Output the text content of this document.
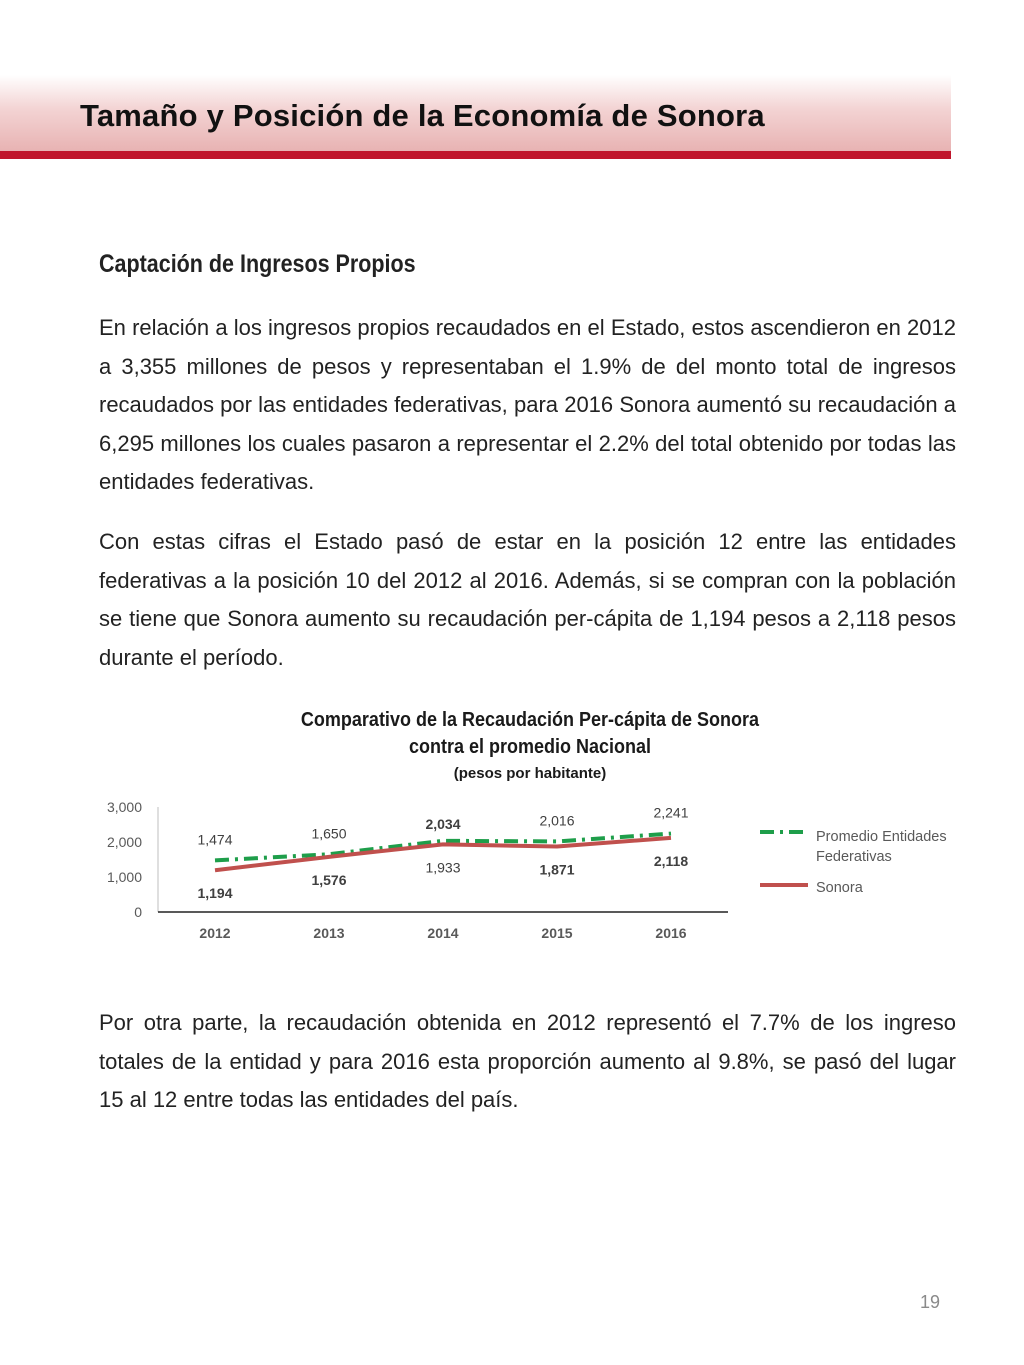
Tamaño y Posición de la Economía de Sonora
Captación de Ingresos Propios

En relación a los ingresos propios recaudados en el Estado, estos ascendieron en 2012 a 3,355 millones de pesos y representaban el 1.9% de del monto total de ingresos recaudados por las entidades federativas, para 2016 Sonora aumentó su recaudación a 6,295 millones los cuales pasaron a representar el 2.2% del total obtenido por todas las entidades federativas.

Con estas cifras el Estado pasó de estar en la posición 12 entre las entidades federativas a la posición 10 del 2012 al 2016. Además, si se compran con la población se tiene que Sonora aumento su recaudación per-cápita de 1,194 pesos a 2,118 pesos durante el período.

Comparativo de la Recaudación Per-cápita de Sonora
contra el promedio Nacional
(pesos por habitante)
0
1,000
2,000
3,000
2012	2013	2014	2015	2016
1,474	1,650
2,034	2,016	2,241
1,194
1,576
1,933	1,871
2,118
Promedio Entidades
Federativas
Sonora

Por otra parte, la recaudación obtenida en 2012 representó el 7.7% de los ingreso totales de la entidad y para 2016 esta proporción aumento al 9.8%, se pasó del lugar 15 al 12 entre todas las entidades del país.

19
